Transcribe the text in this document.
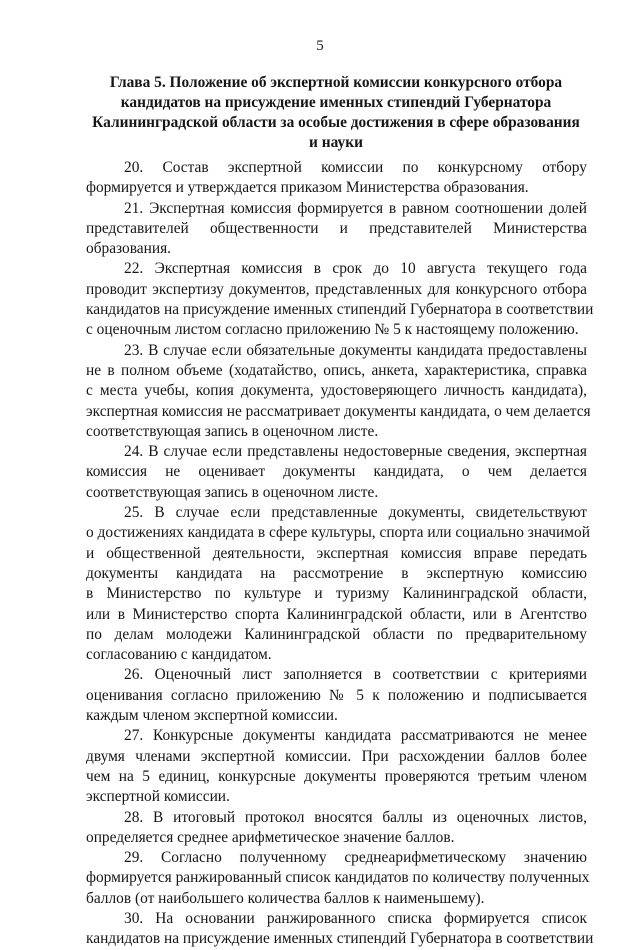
5
Глава 5. Положение об экспертной комиссии конкурсного отбора
кандидатов на присуждение именных стипендий Губернатора
Калининградской области за особые достижения в сфере образования
и науки
20. Состав экспертной комиссии по конкурсному отбору
формируется и утверждается приказом Министерства образования.
21. Экспертная комиссия формируется в равном соотношении долей
представителей общественности и представителей Министерства
образования.
22. Экспертная комиссия в срок до 10 августа текущего года
проводит экспертизу документов, представленных для конкурсного отбора
кандидатов на присуждение именных стипендий Губернатора в соответствии
с оценочным листом согласно приложению № 5 к настоящему положению.
23. В случае если обязательные документы кандидата предоставлены
не в полном объеме (ходатайство, опись, анкета, характеристика, справка
с места учебы, копия документа, удостоверяющего личность кандидата),
экспертная комиссия не рассматривает документы кандидата, о чем делается
соответствующая запись в оценочном листе.
24. В случае если представлены недостоверные сведения, экспертная
комиссия не оценивает документы кандидата, о чем делается
соответствующая запись в оценочном листе.
25. В случае если представленные документы, свидетельствуют
о достижениях кандидата в сфере культуры, спорта или социально значимой
и общественной деятельности, экспертная комиссия вправе передать
документы кандидата на рассмотрение в экспертную комиссию
в Министерство по культуре и туризму Калининградской области,
или в Министерство спорта Калининградской области, или в Агентство
по делам молодежи Калининградской области по предварительному
согласованию с кандидатом.
26. Оценочный лист заполняется в соответствии с критериями
оценивания согласно приложению № 5 к положению и подписывается
каждым членом экспертной комиссии.
27. Конкурсные документы кандидата рассматриваются не менее
двумя членами экспертной комиссии. При расхождении баллов более
чем на 5 единиц, конкурсные документы проверяются третьим членом
экспертной комиссии.
28. В итоговый протокол вносятся баллы из оценочных листов,
определяется среднее арифметическое значение баллов.
29. Согласно полученному среднеарифметическому значению
формируется ранжированный список кандидатов по количеству полученных
баллов (от наибольшего количества баллов к наименьшему).
30. На основании ранжированного списка формируется список
кандидатов на присуждение именных стипендий Губернатора в соответствии
